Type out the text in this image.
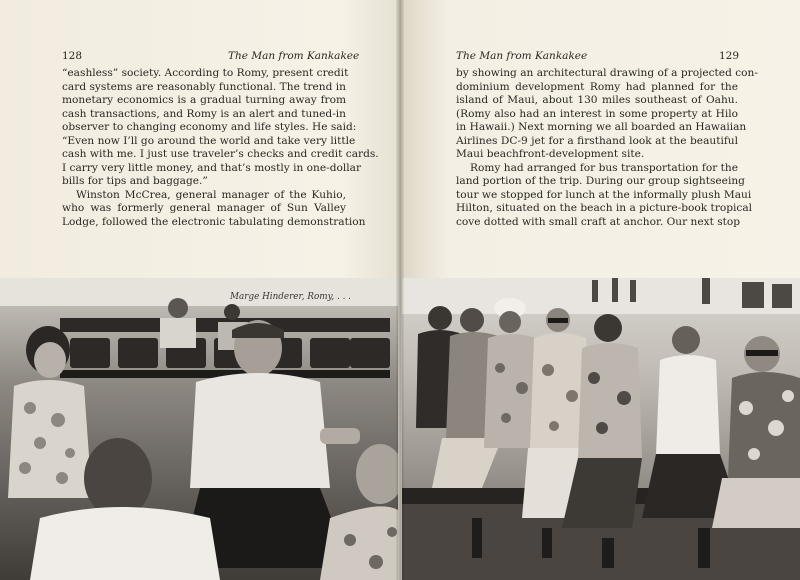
128	The Man from Kankakee
“eashless” society. According to Romy, present credit
card systems are reasonably functional. The trend in
monetary economics is a gradual turning away from
cash transactions, and Romy is an alert and tuned-in
observer to changing economy and life styles. He said:
“Even now I’ll go around the world and take very little
cash with me. I just use traveler’s checks and credit cards.
I carry very little money, and that’s mostly in one-dollar
bills for tips and baggage.”
Winston McCrea, general manager of the Kuhio,
who was formerly general manager of Sun Valley
Lodge, followed the electronic tabulating demonstration
Marge Hinderer, Romy, . . .
The Man from Kankakee	129
by showing an architectural drawing of a projected con-
dominium development Romy had planned for the
island of Maui, about 130 miles southeast of Oahu.
(Romy also had an interest in some property at Hilo
in Hawaii.) Next morning we all boarded an Hawaiian
Airlines DC-9 jet for a firsthand look at the beautiful
Maui beachfront-development site.
Romy had arranged for bus transportation for the
land portion of the trip. During our group sightseeing
tour we stopped for lunch at the informally plush Maui
Hilton, situated on the beach in a picture-book tropical
cove dotted with small craft at anchor. Our next stop
